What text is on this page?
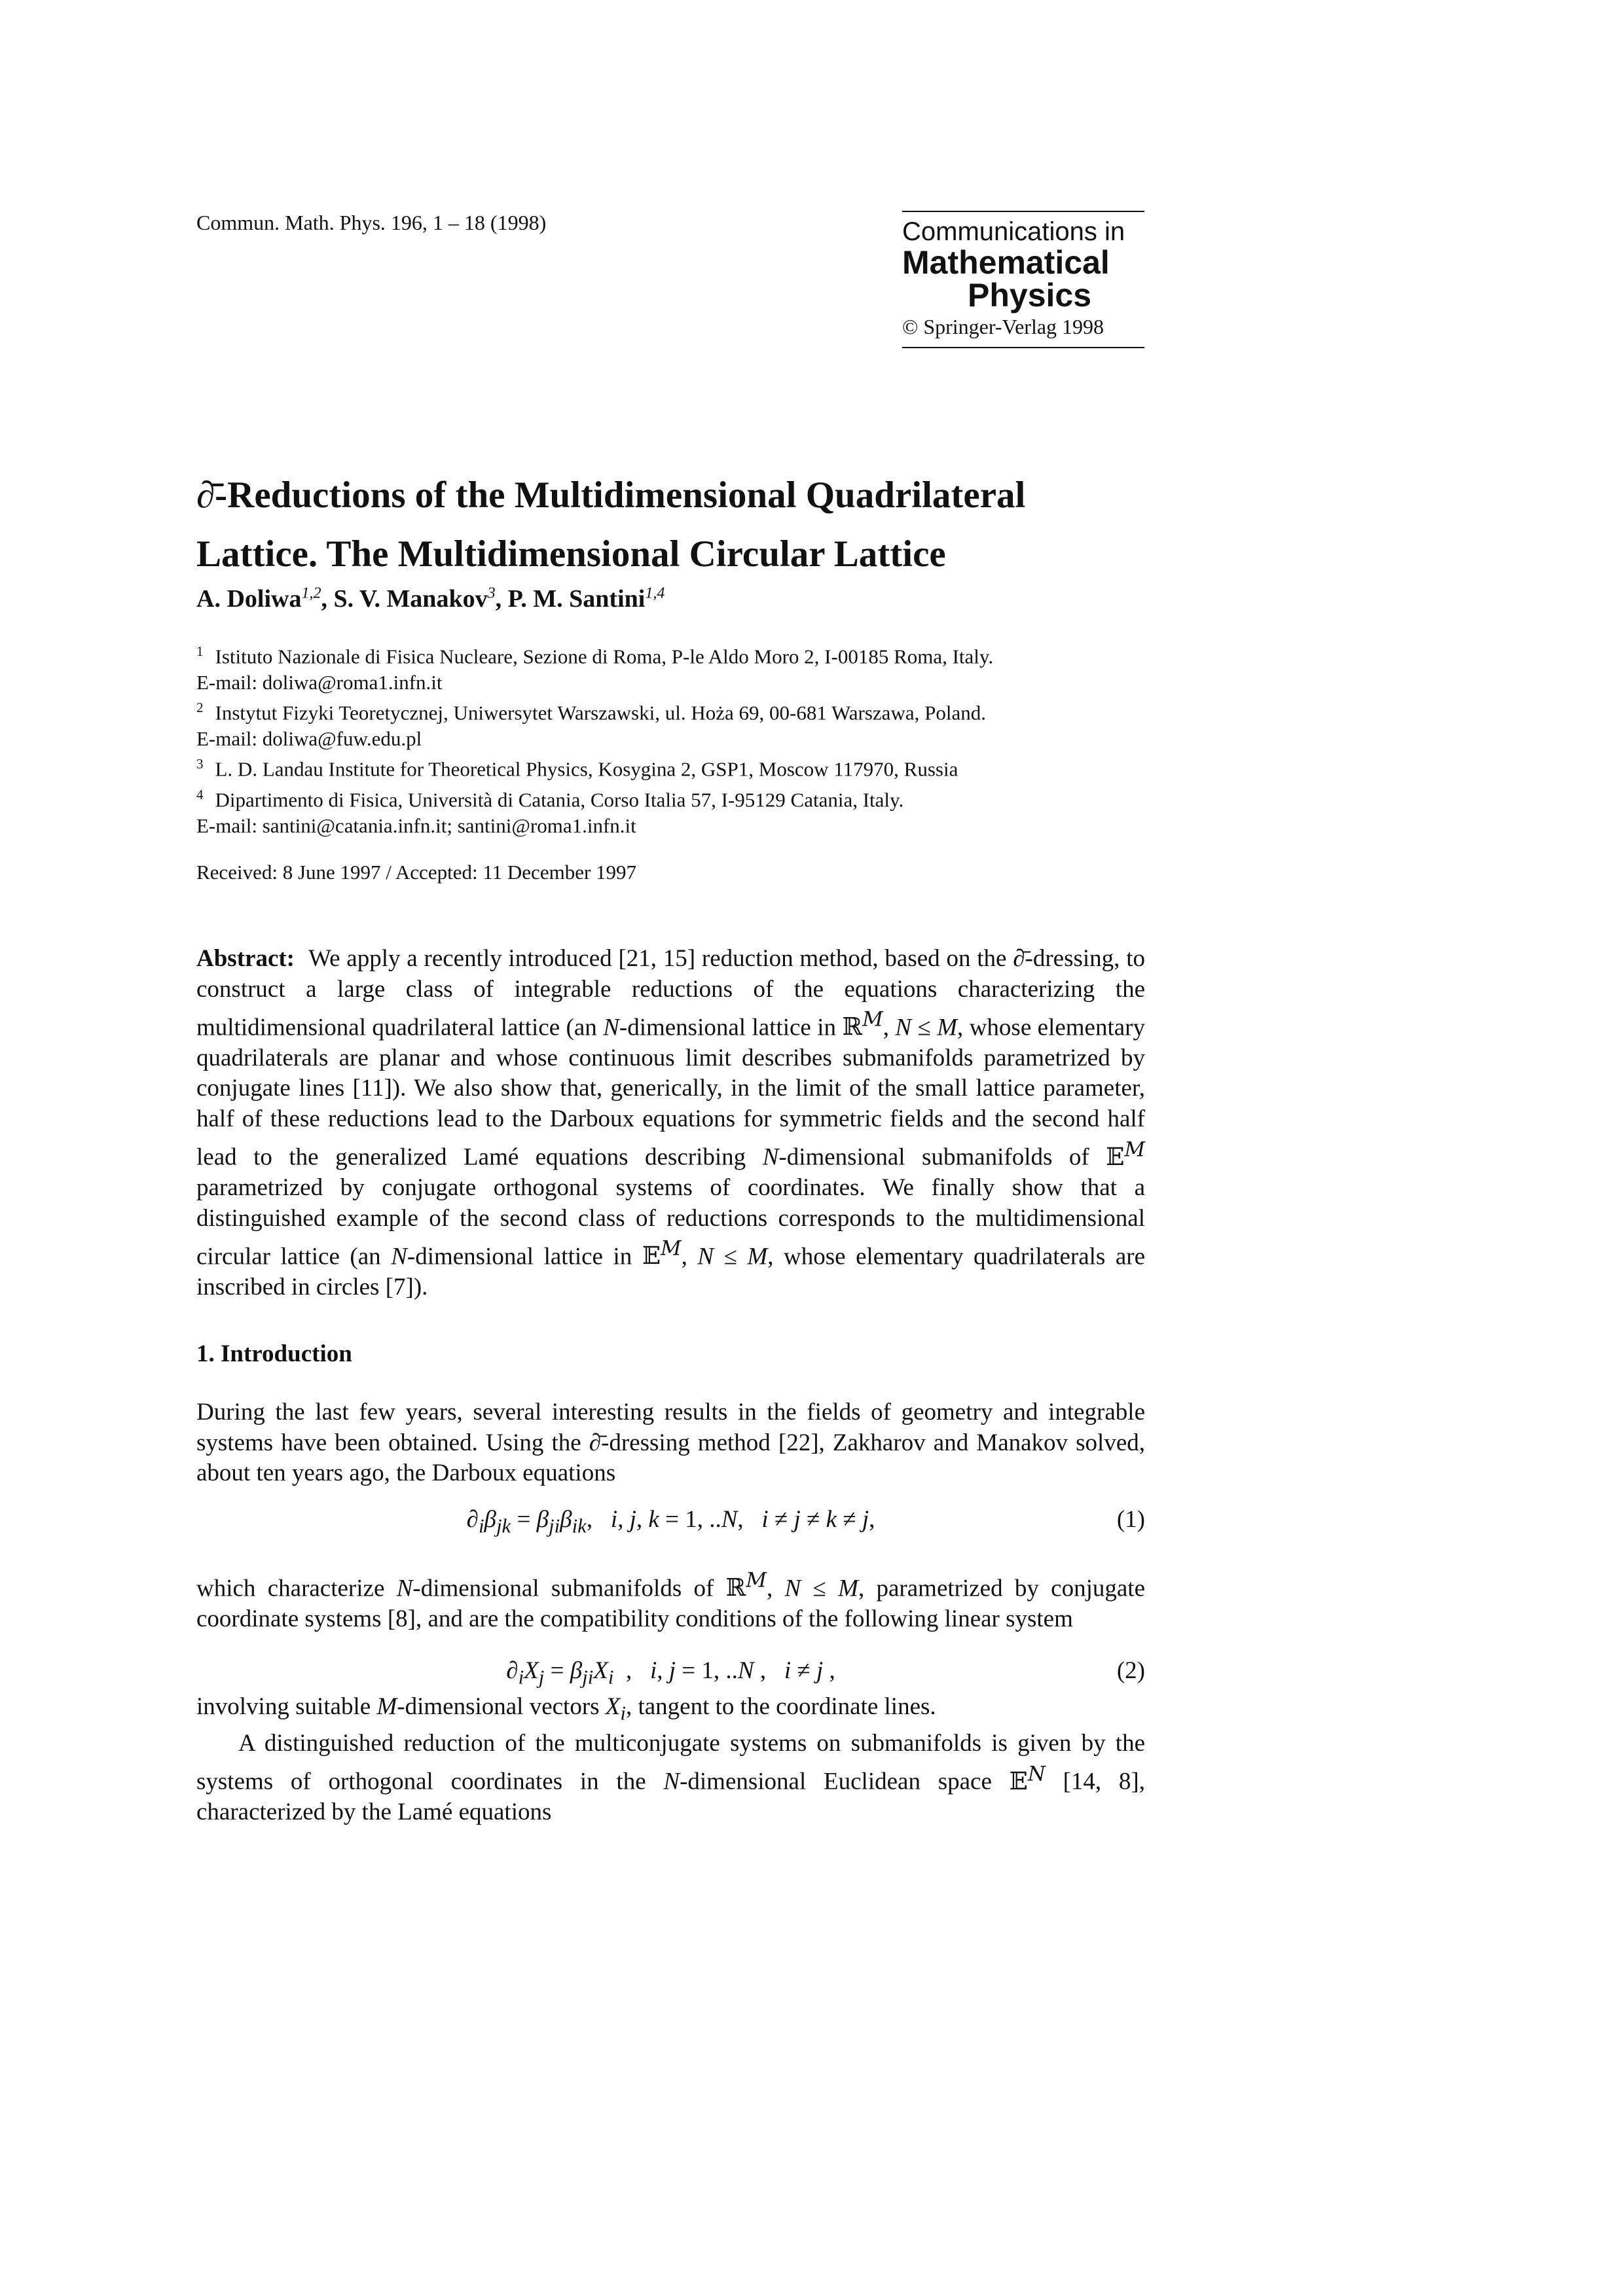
Commun. Math. Phys. 196, 1 – 18 (1998)	Communications in
Mathematical
Physics
© Springer-Verlag 1998
∂̄-Reductions of the Multidimensional Quadrilateral
Lattice. The Multidimensional Circular Lattice
A. Doliwa$^{1,2}$, S. V. Manakov$^3$, P. M. Santini$^{1,4}$
$^1$ Istituto Nazionale di Fisica Nucleare, Sezione di Roma, P-le Aldo Moro 2, I-00185 Roma, Italy.
E-mail: doliwa@roma1.infn.it
$^2$ Instytut Fizyki Teoretycznej, Uniwersytet Warszawski, ul. Hoża 69, 00-681 Warszawa, Poland.
E-mail: doliwa@fuw.edu.pl
$^3$ L. D. Landau Institute for Theoretical Physics, Kosygina 2, GSP1, Moscow 117970, Russia
$^4$ Dipartimento di Fisica, Università di Catania, Corso Italia 57, I-95129 Catania, Italy.
E-mail: santini@catania.infn.it; santini@roma1.infn.it
Received: 8 June 1997 / Accepted: 11 December 1997
Abstract: We apply a recently introduced [21, 15] reduction method, based on the ∂̄-dressing, to construct a large class of integrable reductions of the equations characterizing the multidimensional quadrilateral lattice (an N-dimensional lattice in ℝ$^M$, N ≤ M, whose elementary quadrilaterals are planar and whose continuous limit describes submanifolds parametrized by conjugate lines [11]). We also show that, generically, in the limit of the small lattice parameter, half of these reductions lead to the Darboux equations for symmetric fields and the second half lead to the generalized Lamé equations describing N-dimensional submanifolds of 𝔼$^M$ parametrized by conjugate orthogonal systems of coordinates. We finally show that a distinguished example of the second class of reductions corresponds to the multidimensional circular lattice (an N-dimensional lattice in 𝔼$^M$, N ≤ M, whose elementary quadrilaterals are inscribed in circles [7]).
1. Introduction
During the last few years, several interesting results in the fields of geometry and integrable systems have been obtained. Using the ∂̄-dressing method [22], Zakharov and Manakov solved, about ten years ago, the Darboux equations
$\partial_i\beta_{jk} = \beta_{ji}\beta_{ik}$,   i, j, k = 1, ..N,   i ≠ j ≠ k ≠ j,	(1)
which characterize N-dimensional submanifolds of ℝ$^M$, N ≤ M, parametrized by conjugate coordinate systems [8], and are the compatibility conditions of the following linear system
$\partial_iX_j = \beta_{ji}X_i$  ,   i, j = 1, ..N ,   i ≠ j ,	(2)
involving suitable M-dimensional vectors $X_i$, tangent to the coordinate lines.
A distinguished reduction of the multiconjugate systems on submanifolds is given by the systems of orthogonal coordinates in the N-dimensional Euclidean space 𝔼$^N$ [14, 8], characterized by the Lamé equations
